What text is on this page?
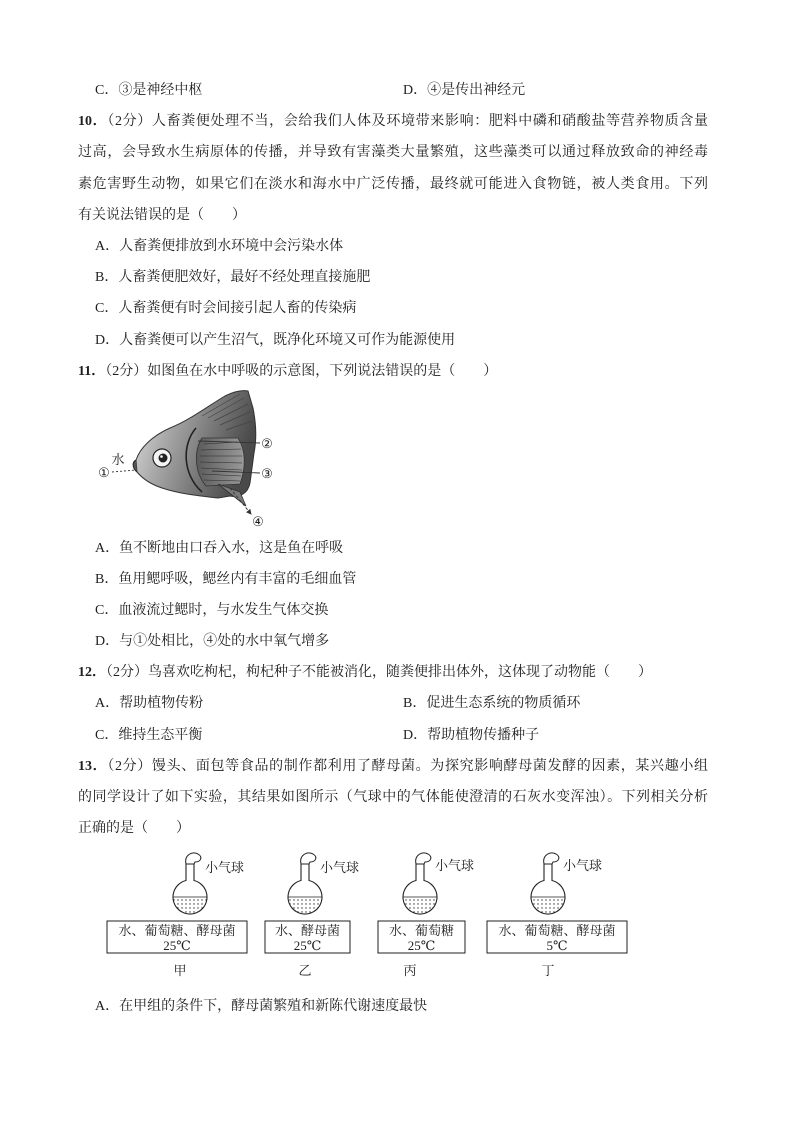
C．③是神经中枢	D．④是传出神经元
10．（2分）人畜粪便处理不当，会给我们人体及环境带来影响：肥料中磷和硝酸盐等营养物质含量
过高，会导致水生病原体的传播，并导致有害藻类大量繁殖，这些藻类可以通过释放致命的神经毒
素危害野生动物，如果它们在淡水和海水中广泛传播，最终就可能进入食物链，被人类食用。下列
有关说法错误的是（　　）
A．人畜粪便排放到水环境中会污染水体
B．人畜粪便肥效好，最好不经处理直接施肥
C．人畜粪便有时会间接引起人畜的传染病
D．人畜粪便可以产生沼气，既净化环境又可作为能源使用
11．（2分）如图鱼在水中呼吸的示意图，下列说法错误的是（　　）
水
①
②
③
④
A．鱼不断地由口吞入水，这是鱼在呼吸
B．鱼用鳃呼吸，鳃丝内有丰富的毛细血管
C．血液流过鳃时，与水发生气体交换
D．与①处相比，④处的水中氧气增多
12．（2分）鸟喜欢吃枸杞，枸杞种子不能被消化，随粪便排出体外，这体现了动物能（　　）
A．帮助植物传粉	B．促进生态系统的物质循环
C．维持生态平衡	D．帮助植物传播种子
13．（2分）馒头、面包等食品的制作都利用了酵母菌。为探究影响酵母菌发酵的因素，某兴趣小组
的同学设计了如下实验，其结果如图所示（气球中的气体能使澄清的石灰水变浑浊）。下列相关分析
正确的是（　　）
小气球	小气球	小气球	小气球
水、葡萄糖、酵母菌
25℃
水、酵母菌
25℃
水、葡萄糖
25℃
水、葡萄糖、酵母菌
5℃
甲	乙	丙	丁
A．在甲组的条件下，酵母菌繁殖和新陈代谢速度最快
